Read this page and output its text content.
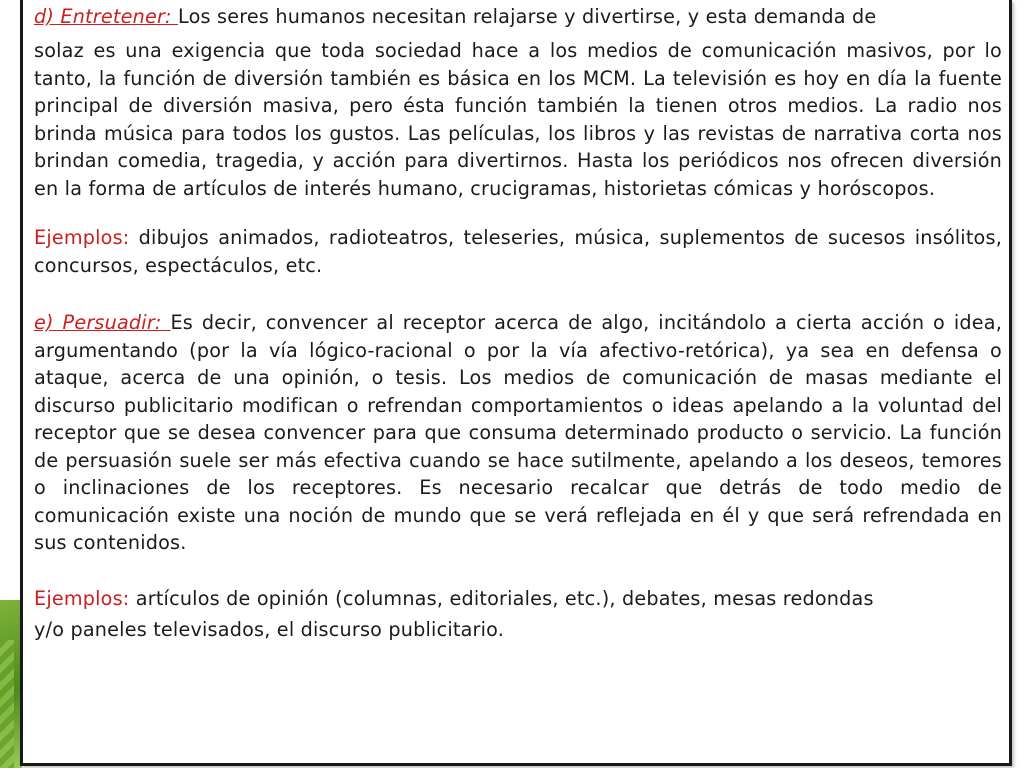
d) Entretener: Los seres humanos necesitan relajarse y divertirse, y esta demanda de
solaz es una exigencia que toda sociedad hace a los medios de comunicación masivos, por lo tanto, la función de diversión también es básica en los MCM. La televisión es hoy en día la fuente principal de diversión masiva, pero ésta función también la tienen otros medios. La radio nos brinda música para todos los gustos. Las películas, los libros y las revistas de narrativa corta nos brindan comedia, tragedia, y acción para divertirnos. Hasta los periódicos nos ofrecen diversión en la forma de artículos de interés humano, crucigramas, historietas cómicas y horóscopos.

Ejemplos: dibujos animados, radioteatros, teleseries, música, suplementos de sucesos insólitos, concursos, espectáculos, etc.

e) Persuadir: Es decir, convencer al receptor acerca de algo, incitándolo a cierta acción o idea, argumentando (por la vía lógico-racional o por la vía afectivo-retórica), ya sea en defensa o ataque, acerca de una opinión, o tesis. Los medios de comunicación de masas mediante el discurso publicitario modifican o refrendan comportamientos o ideas apelando a la voluntad del receptor que se desea convencer para que consuma determinado producto o servicio. La función de persuasión suele ser más efectiva cuando se hace sutilmente, apelando a los deseos, temores o inclinaciones de los receptores. Es necesario recalcar que detrás de todo medio de comunicación existe una noción de mundo que se verá reflejada en él y que será refrendada en sus contenidos.

Ejemplos: artículos de opinión (columnas, editoriales, etc.), debates, mesas redondas
y/o paneles televisados, el discurso publicitario.
